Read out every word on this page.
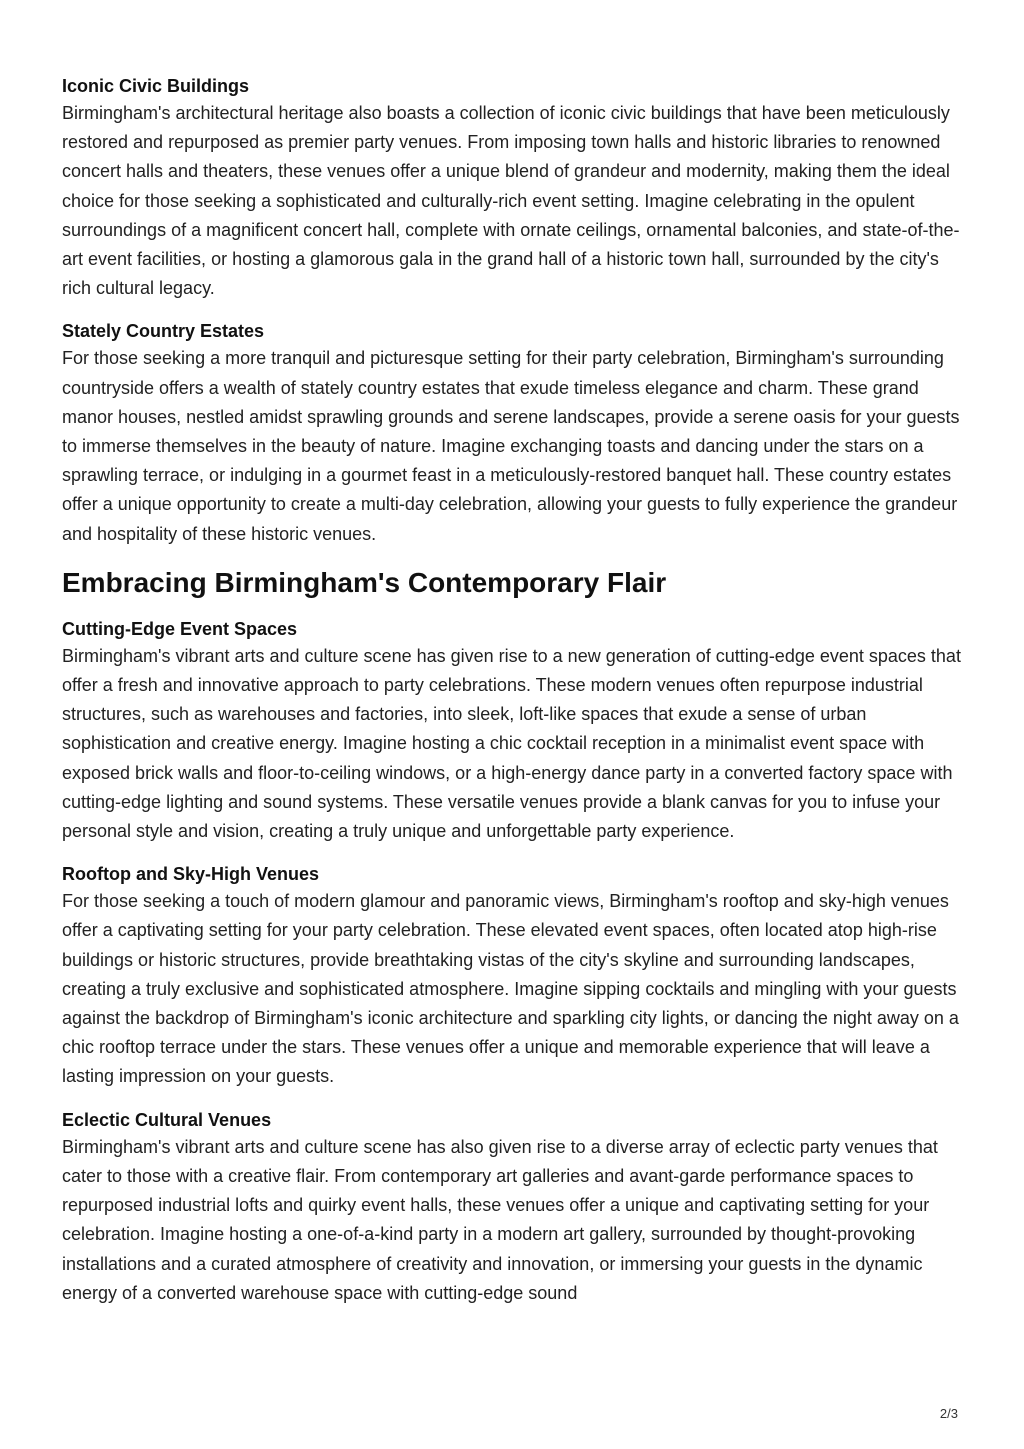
Iconic Civic Buildings

Birmingham's architectural heritage also boasts a collection of iconic civic buildings that have been meticulously restored and repurposed as premier party venues. From imposing town halls and historic libraries to renowned concert halls and theaters, these venues offer a unique blend of grandeur and modernity, making them the ideal choice for those seeking a sophisticated and culturally-rich event setting. Imagine celebrating in the opulent surroundings of a magnificent concert hall, complete with ornate ceilings, ornamental balconies, and state-of-the-art event facilities, or hosting a glamorous gala in the grand hall of a historic town hall, surrounded by the city's rich cultural legacy.

Stately Country Estates

For those seeking a more tranquil and picturesque setting for their party celebration, Birmingham's surrounding countryside offers a wealth of stately country estates that exude timeless elegance and charm. These grand manor houses, nestled amidst sprawling grounds and serene landscapes, provide a serene oasis for your guests to immerse themselves in the beauty of nature. Imagine exchanging toasts and dancing under the stars on a sprawling terrace, or indulging in a gourmet feast in a meticulously-restored banquet hall. These country estates offer a unique opportunity to create a multi-day celebration, allowing your guests to fully experience the grandeur and hospitality of these historic venues.

Embracing Birmingham's Contemporary Flair
Cutting-Edge Event Spaces

Birmingham's vibrant arts and culture scene has given rise to a new generation of cutting-edge event spaces that offer a fresh and innovative approach to party celebrations. These modern venues often repurpose industrial structures, such as warehouses and factories, into sleek, loft-like spaces that exude a sense of urban sophistication and creative energy. Imagine hosting a chic cocktail reception in a minimalist event space with exposed brick walls and floor-to-ceiling windows, or a high-energy dance party in a converted factory space with cutting-edge lighting and sound systems. These versatile venues provide a blank canvas for you to infuse your personal style and vision, creating a truly unique and unforgettable party experience.

Rooftop and Sky-High Venues

For those seeking a touch of modern glamour and panoramic views, Birmingham's rooftop and sky-high venues offer a captivating setting for your party celebration. These elevated event spaces, often located atop high-rise buildings or historic structures, provide breathtaking vistas of the city's skyline and surrounding landscapes, creating a truly exclusive and sophisticated atmosphere. Imagine sipping cocktails and mingling with your guests against the backdrop of Birmingham's iconic architecture and sparkling city lights, or dancing the night away on a chic rooftop terrace under the stars. These venues offer a unique and memorable experience that will leave a lasting impression on your guests.

Eclectic Cultural Venues

Birmingham's vibrant arts and culture scene has also given rise to a diverse array of eclectic party venues that cater to those with a creative flair. From contemporary art galleries and avant-garde performance spaces to repurposed industrial lofts and quirky event halls, these venues offer a unique and captivating setting for your celebration. Imagine hosting a one-of-a-kind party in a modern art gallery, surrounded by thought-provoking installations and a curated atmosphere of creativity and innovation, or immersing your guests in the dynamic energy of a converted warehouse space with cutting-edge sound

2/3
